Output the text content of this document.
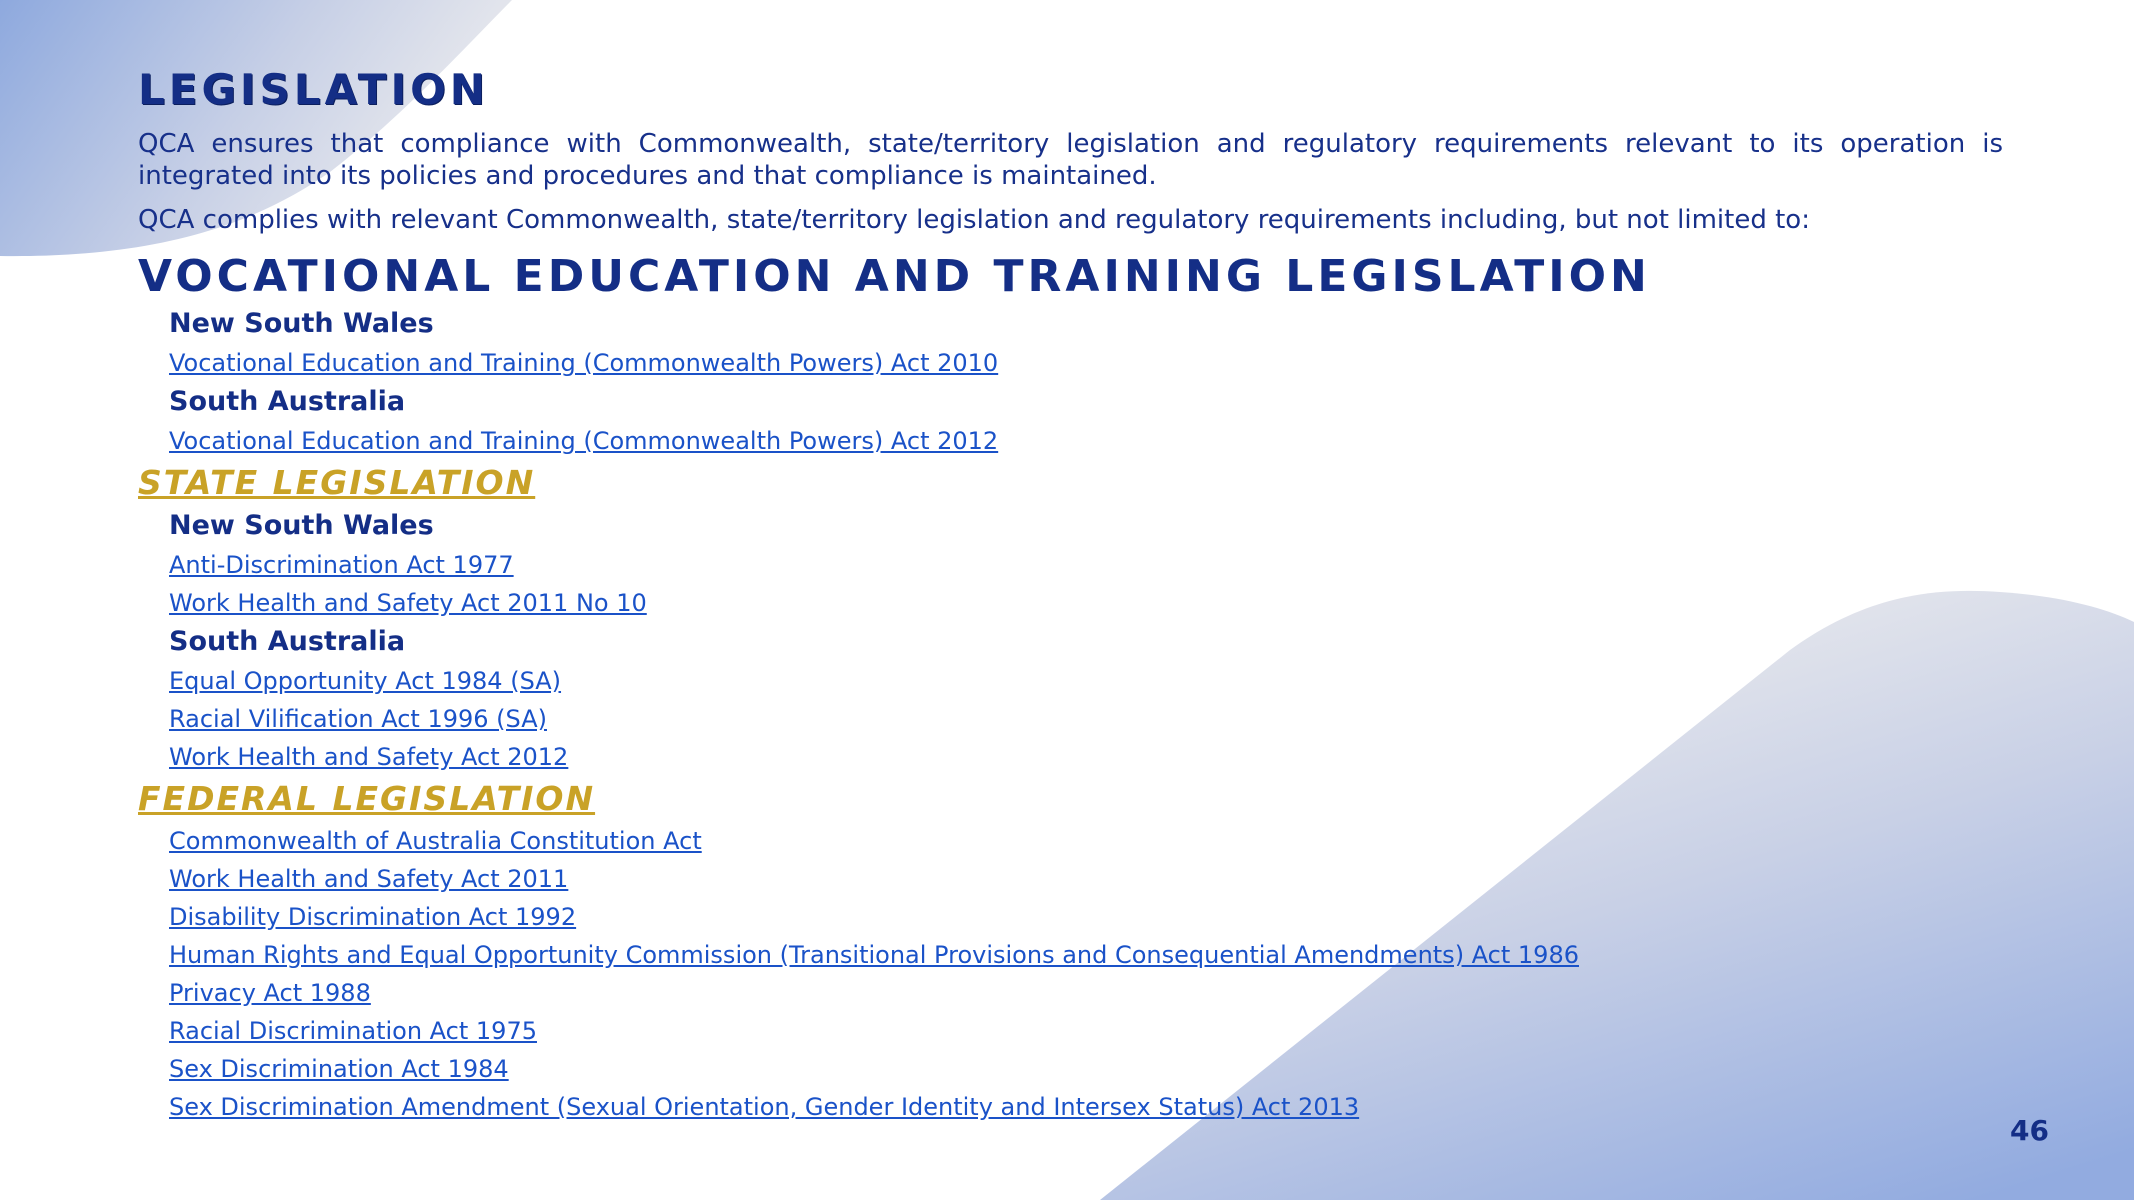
LEGISLATION

QCA ensures that compliance with Commonwealth, state/territory legislation and regulatory requirements relevant to its operation is integrated into its policies and procedures and that compliance is maintained.

QCA complies with relevant Commonwealth, state/territory legislation and regulatory requirements including, but not limited to:

VOCATIONAL EDUCATION AND TRAINING LEGISLATION
New South Wales
Vocational Education and Training (Commonwealth Powers) Act 2010
South Australia
Vocational Education and Training (Commonwealth Powers) Act 2012
STATE LEGISLATION
New South Wales
Anti-Discrimination Act 1977
Work Health and Safety Act 2011 No 10
South Australia
Equal Opportunity Act 1984 (SA)
Racial Vilification Act 1996 (SA)
Work Health and Safety Act 2012
FEDERAL LEGISLATION
Commonwealth of Australia Constitution Act
Work Health and Safety Act 2011
Disability Discrimination Act 1992
Human Rights and Equal Opportunity Commission (Transitional Provisions and Consequential Amendments) Act 1986
Privacy Act 1988
Racial Discrimination Act 1975
Sex Discrimination Act 1984
Sex Discrimination Amendment (Sexual Orientation, Gender Identity and Intersex Status) Act 2013
46
